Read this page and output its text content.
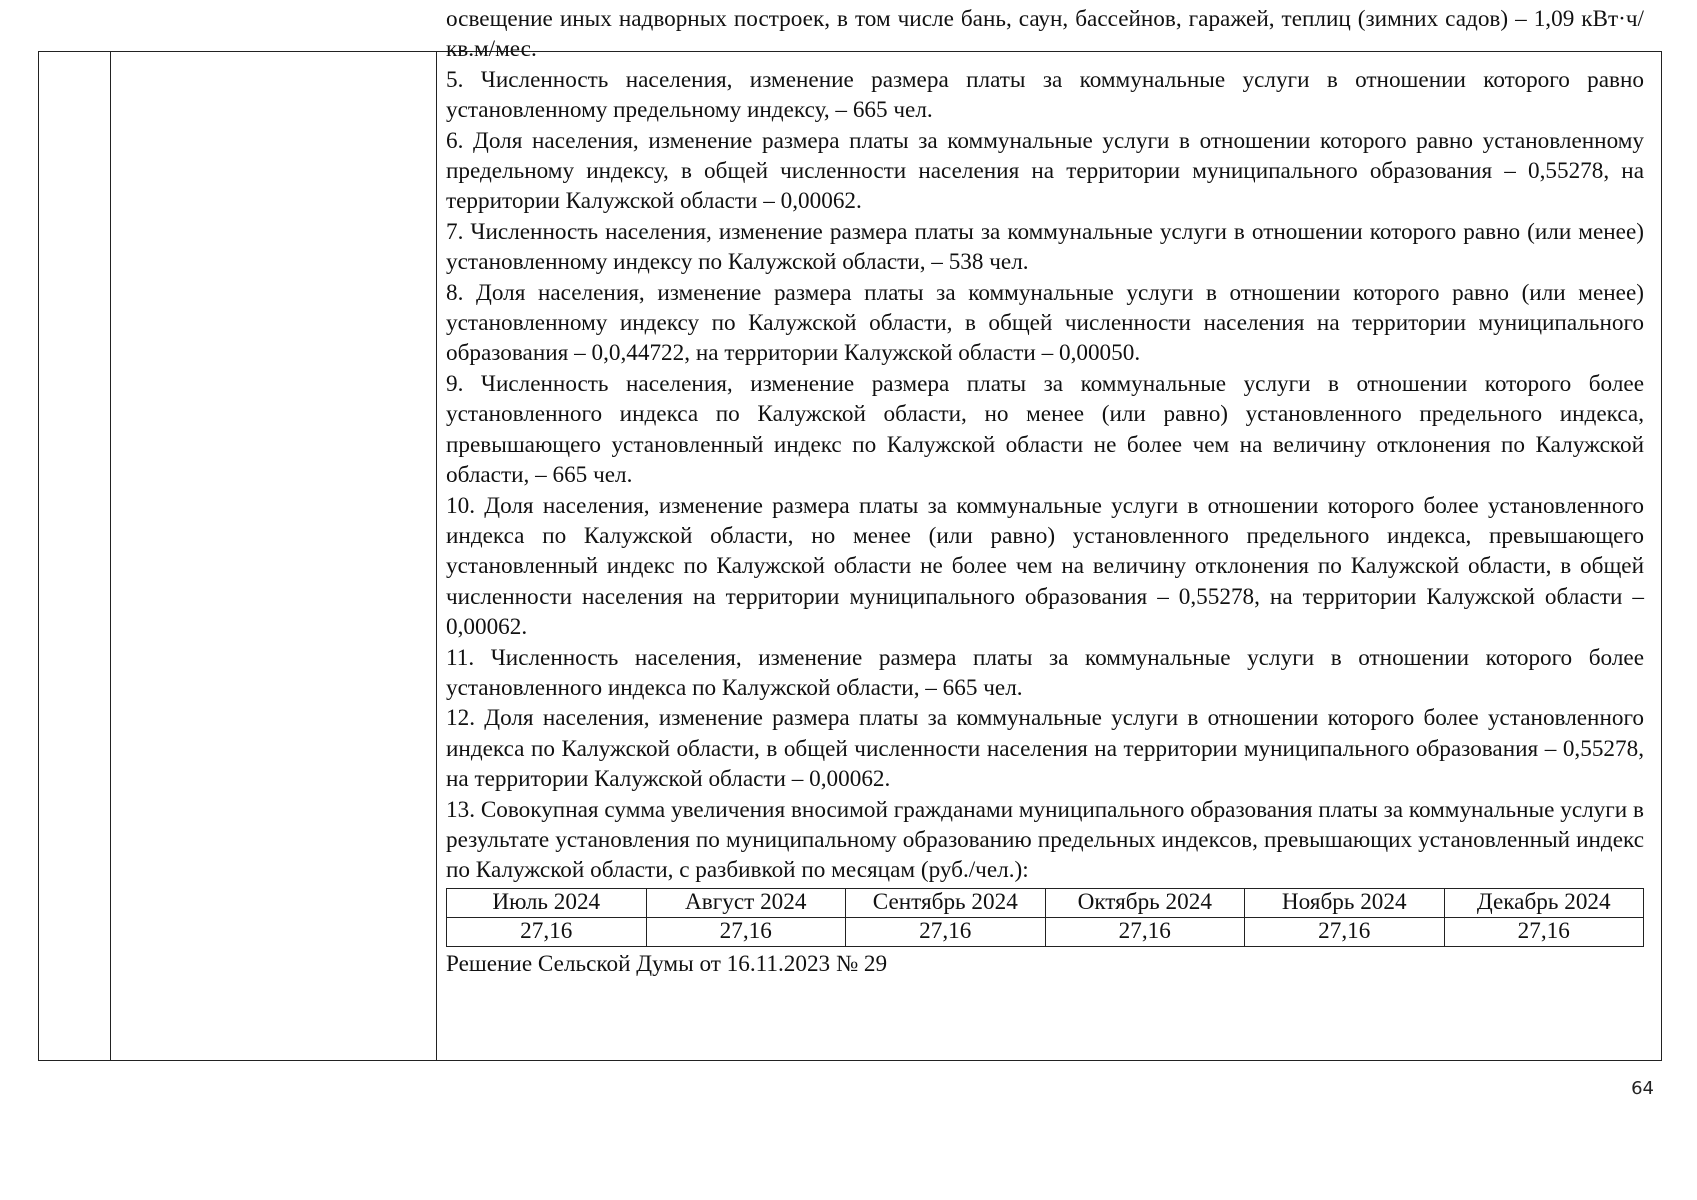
освещение иных надворных построек, в том числе бань, саун, бассейнов, гаражей, теплиц (зимних садов) – 1,09 кВт·ч/кв.м/мес.

5. Численность населения, изменение размера платы за коммунальные услуги в отношении которого равно установленному предельному индексу, – 665 чел.

6. Доля населения, изменение размера платы за коммунальные услуги в отношении которого равно установленному предельному индексу, в общей численности населения на территории муниципального образования – 0,55278, на территории Калужской области – 0,00062.

7. Численность населения, изменение размера платы за коммунальные услуги в отношении которого равно (или менее) установленному индексу по Калужской области, – 538 чел.

8. Доля населения, изменение размера платы за коммунальные услуги в отношении которого равно (или менее) установленному индексу по Калужской области, в общей численности населения на территории муниципального образования – 0,0,44722, на территории Калужской области – 0,00050.

9. Численность населения, изменение размера платы за коммунальные услуги в отношении которого более установленного индекса по Калужской области, но менее (или равно) установленного предельного индекса, превышающего установленный индекс по Калужской области не более чем на величину отклонения по Калужской области, – 665 чел.

10. Доля населения, изменение размера платы за коммунальные услуги в отношении которого более установленного индекса по Калужской области, но менее (или равно) установленного предельного индекса, превышающего установленный индекс по Калужской области не более чем на величину отклонения по Калужской области, в общей численности населения на территории муниципального образования – 0,55278, на территории Калужской области – 0,00062.

11. Численность населения, изменение размера платы за коммунальные услуги в отношении которого более установленного индекса по Калужской области, – 665 чел.

12. Доля населения, изменение размера платы за коммунальные услуги в отношении которого более установленного индекса по Калужской области, в общей численности населения на территории муниципального образования – 0,55278, на территории Калужской области – 0,00062.

13. Совокупная сумма увеличения вносимой гражданами муниципального образования платы за коммунальные услуги в результате установления по муниципальному образованию предельных индексов, превышающих установленный индекс по Калужской области, с разбивкой по месяцам (руб./чел.):

Июль 2024	Август 2024	Сентябрь 2024	Октябрь 2024	Ноябрь 2024	Декабрь 2024
27,16	27,16	27,16	27,16	27,16	27,16

Решение Сельской Думы от 16.11.2023 № 29

64
